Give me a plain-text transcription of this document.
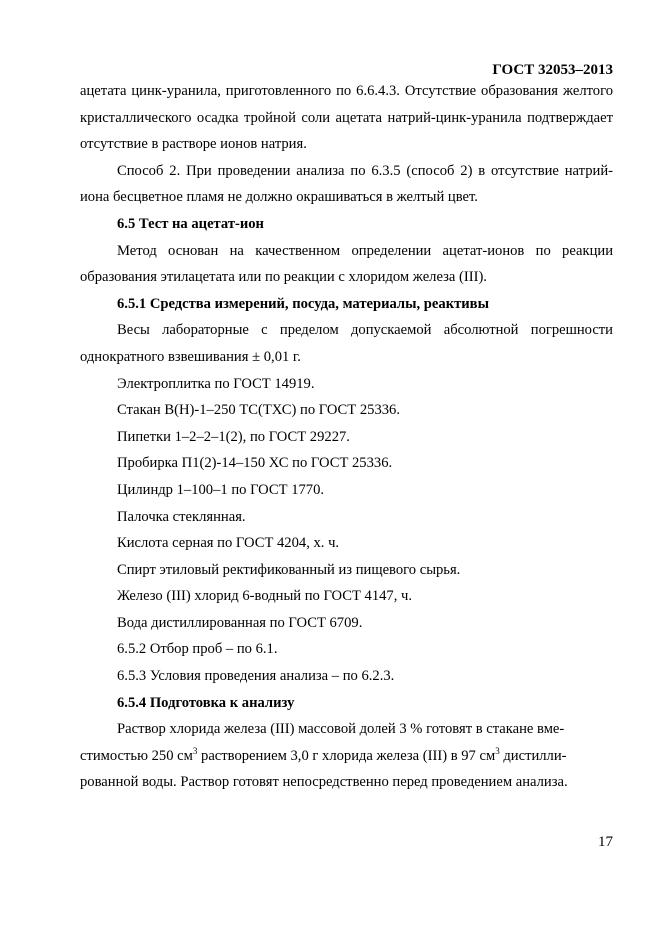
ГОСТ 32053–2013

ацетата цинк-уранила, приготовленного по 6.6.4.3. Отсутствие образования желтого кристаллического осадка тройной соли ацетата натрий-цинк-уранила подтверждает отсутствие в растворе ионов натрия.

Способ 2. При проведении анализа по 6.3.5 (способ 2) в отсутствие натрий-иона бесцветное пламя не должно окрашиваться в желтый цвет.

6.5 Тест на ацетат-ион

Метод основан на качественном определении ацетат-ионов по реакции образования этилацетата или по реакции с хлоридом железа (III).

6.5.1 Средства измерений, посуда, материалы, реактивы

Весы лабораторные с пределом допускаемой абсолютной погрешности однократного взвешивания ± 0,01 г.

Электроплитка по ГОСТ 14919.

Стакан В(Н)-1–250 ТС(ТХС) по ГОСТ 25336.

Пипетки 1–2–2–1(2), по ГОСТ 29227.

Пробирка П1(2)-14–150 ХС по ГОСТ 25336.

Цилиндр 1–100–1 по ГОСТ 1770.

Палочка стеклянная.

Кислота серная по ГОСТ 4204, х. ч.

Спирт этиловый ректификованный из пищевого сырья.

Железо (III) хлорид 6-водный по ГОСТ 4147, ч.

Вода дистиллированная по ГОСТ 6709.

6.5.2 Отбор проб – по 6.1.

6.5.3 Условия проведения анализа – по 6.2.3.

6.5.4 Подготовка к анализу

Раствор хлорида железа (III) массовой долей 3 % готовят в стакане вме-

стимостью 250 $см^3$ растворением 3,0 г хлорида железа (III) в 97 $см^3$ дистилли-

рованной воды. Раствор готовят непосредственно перед проведением анализа.

17
